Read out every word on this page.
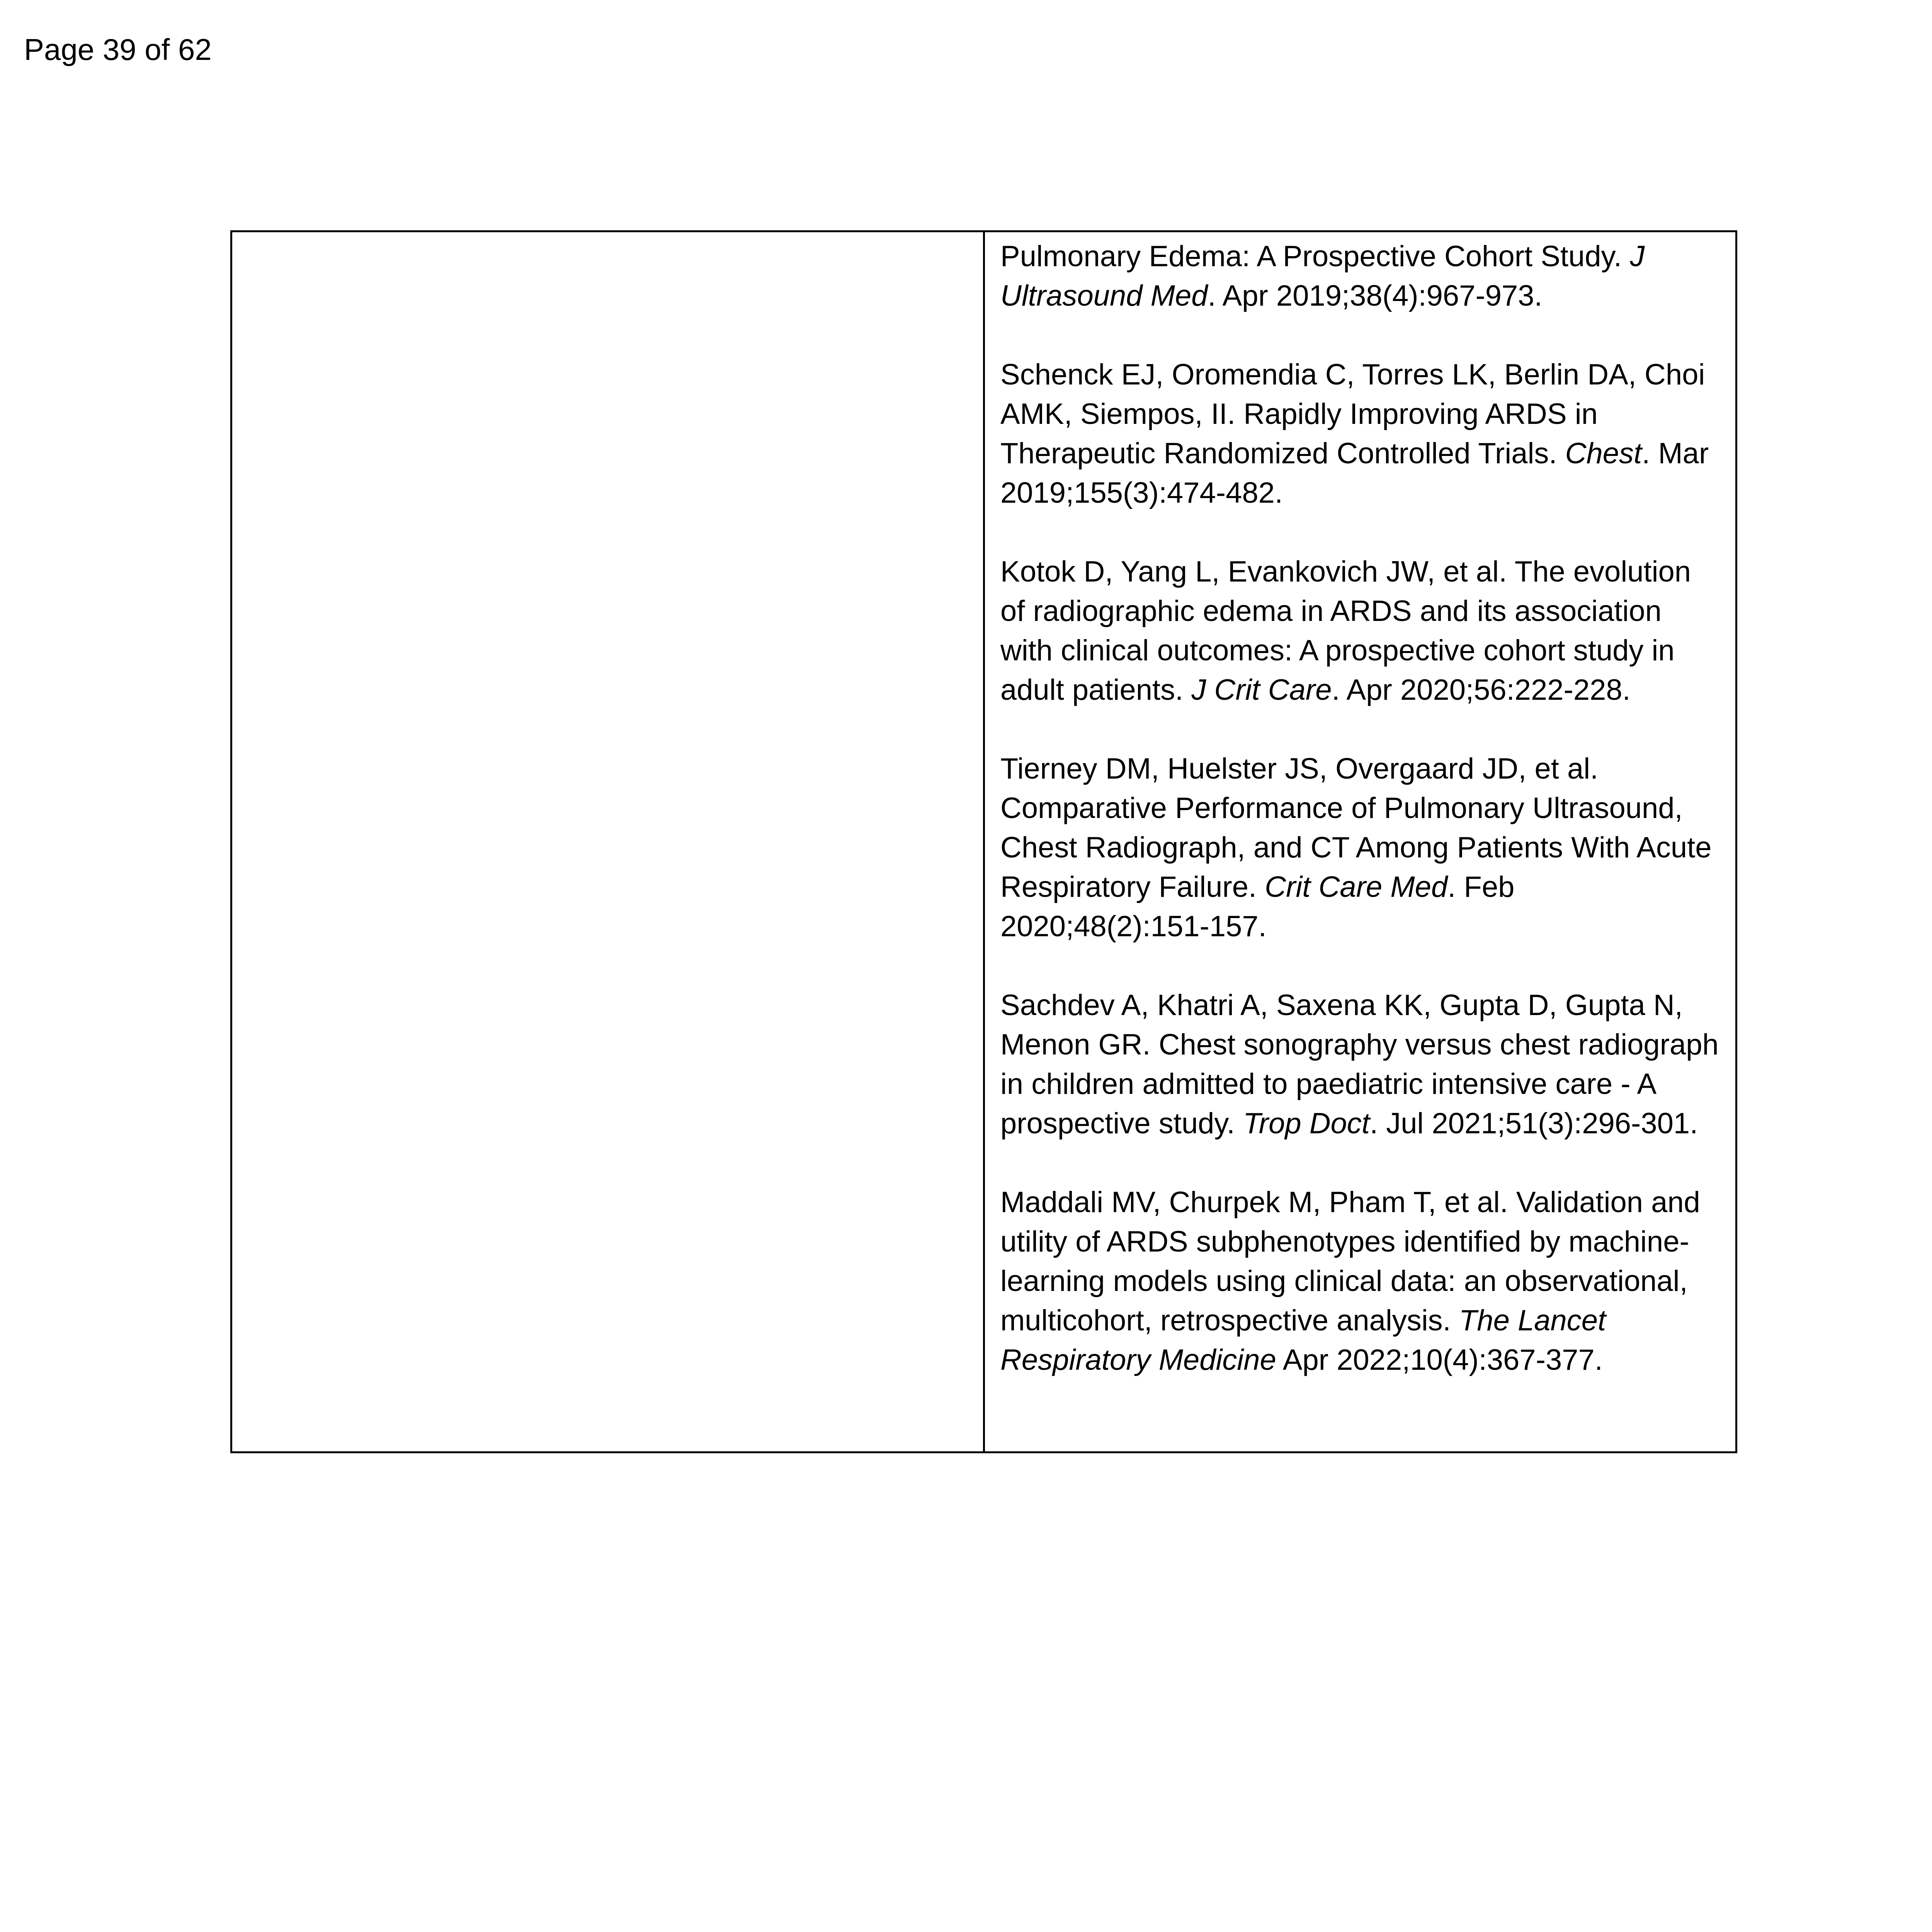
Page 39 of 62

Pulmonary Edema: A Prospective Cohort Study. J Ultrasound Med. Apr 2019;38(4):967-973.

Schenck EJ, Oromendia C, Torres LK, Berlin DA, Choi AMK, Siempos, II. Rapidly Improving ARDS in Therapeutic Randomized Controlled Trials. Chest. Mar 2019;155(3):474-482.

Kotok D, Yang L, Evankovich JW, et al. The evolution of radiographic edema in ARDS and its association with clinical outcomes: A prospective cohort study in adult patients. J Crit Care. Apr 2020;56:222-228.

Tierney DM, Huelster JS, Overgaard JD, et al. Comparative Performance of Pulmonary Ultrasound, Chest Radiograph, and CT Among Patients With Acute Respiratory Failure. Crit Care Med. Feb 2020;48(2):151-157.

Sachdev A, Khatri A, Saxena KK, Gupta D, Gupta N, Menon GR. Chest sonography versus chest radiograph in children admitted to paediatric intensive care - A prospective study. Trop Doct. Jul 2021;51(3):296-301.

Maddali MV, Churpek M, Pham T, et al. Validation and utility of ARDS subphenotypes identified by machine-learning models using clinical data: an observational, multicohort, retrospective analysis. The Lancet Respiratory Medicine Apr 2022;10(4):367-377.
